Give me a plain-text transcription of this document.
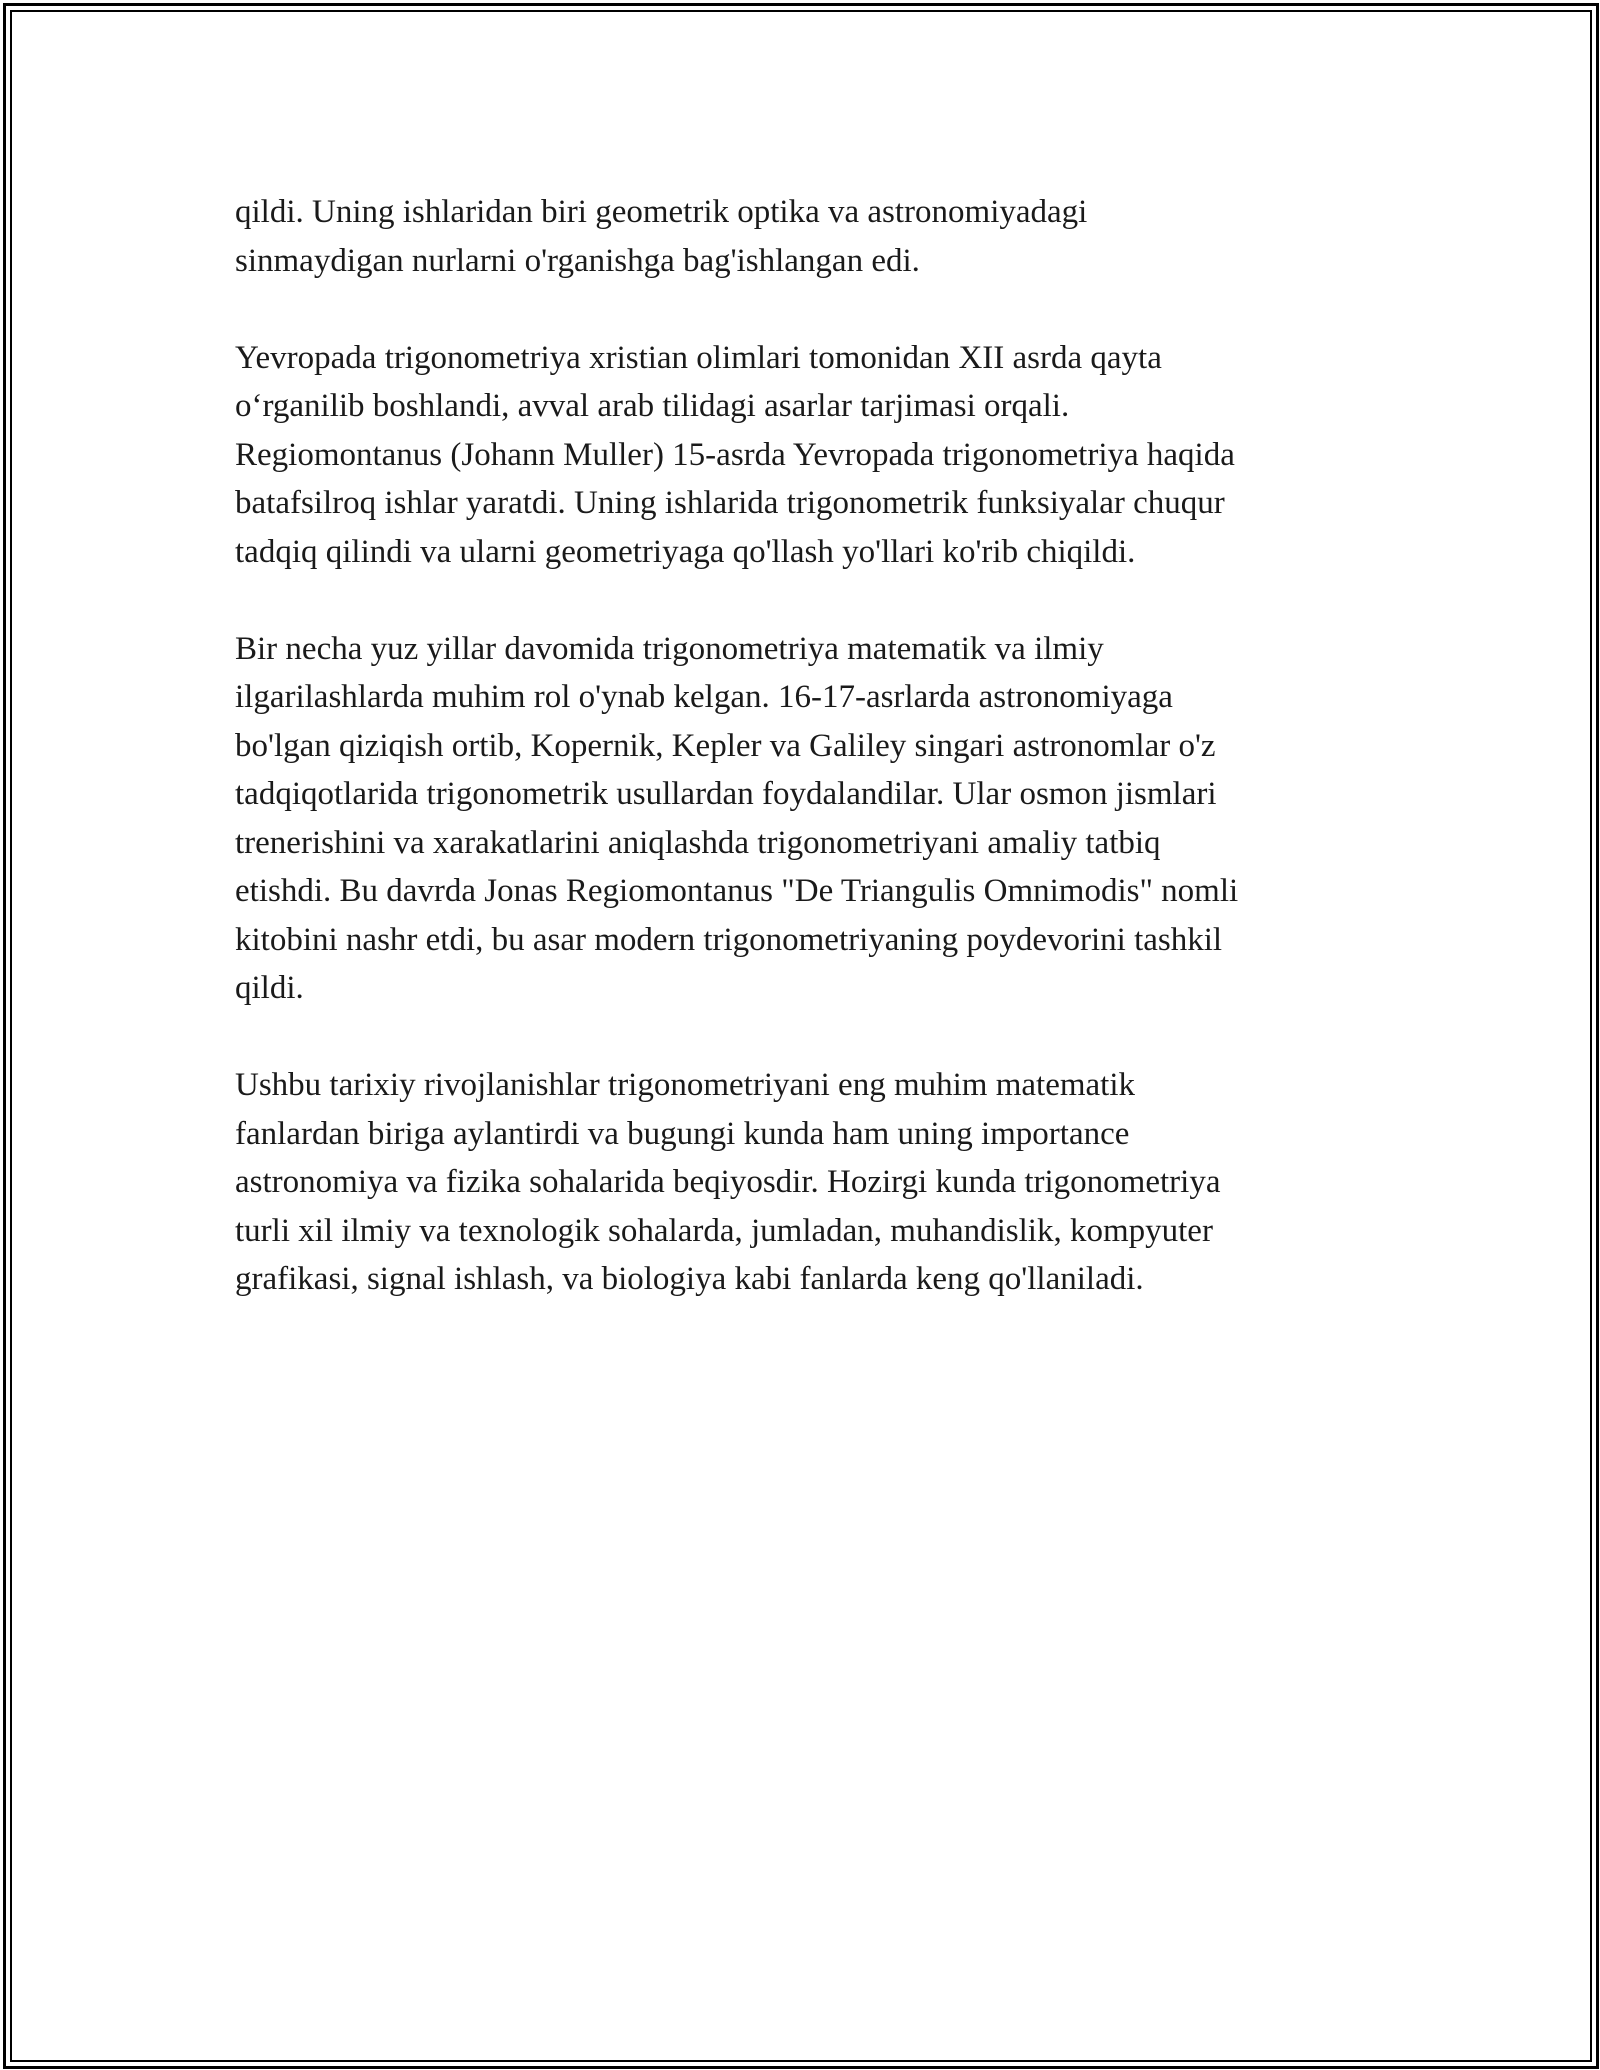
qildi. Uning ishlaridan biri geometrik optika va astronomiyadagi
sinmaydigan nurlarni o'rganishga bag'ishlangan edi.

Yevropada trigonometriya xristian olimlari tomonidan XII asrda qayta
o‘rganilib boshlandi, avval arab tilidagi asarlar tarjimasi orqali.
Regiomontanus (Johann Muller) 15-asrda Yevropada trigonometriya haqida
batafsilroq ishlar yaratdi. Uning ishlarida trigonometrik funksiyalar chuqur
tadqiq qilindi va ularni geometriyaga qo'llash yo'llari ko'rib chiqildi.

Bir necha yuz yillar davomida trigonometriya matematik va ilmiy
ilgarilashlarda muhim rol o'ynab kelgan. 16-17-asrlarda astronomiyaga
bo'lgan qiziqish ortib, Kopernik, Kepler va Galiley singari astronomlar o'z
tadqiqotlarida trigonometrik usullardan foydalandilar. Ular osmon jismlari
trenerishini va xarakatlarini aniqlashda trigonometriyani amaliy tatbiq
etishdi. Bu davrda Jonas Regiomontanus "De Triangulis Omnimodis" nomli
kitobini nashr etdi, bu asar modern trigonometriyaning poydevorini tashkil
qildi.

Ushbu tarixiy rivojlanishlar trigonometriyani eng muhim matematik
fanlardan biriga aylantirdi va bugungi kunda ham uning importance
astronomiya va fizika sohalarida beqiyosdir. Hozirgi kunda trigonometriya
turli xil ilmiy va texnologik sohalarda, jumladan, muhandislik, kompyuter
grafikasi, signal ishlash, va biologiya kabi fanlarda keng qo'llaniladi.
